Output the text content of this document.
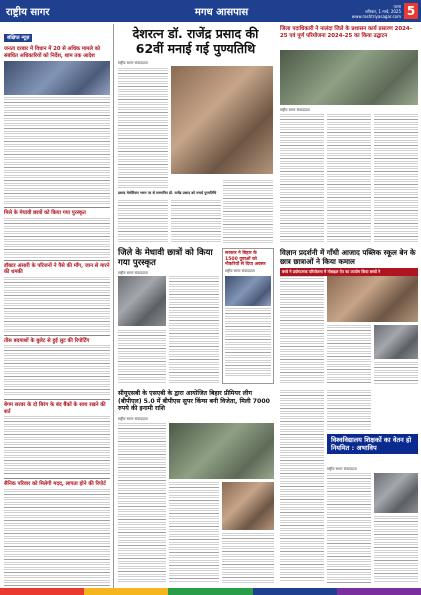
राष्ट्रीय सागर	मगध आसपास
पटना
शनिवार, 1 मार्च, 2025
www.rashtriyasagar.com 5
संक्षिप्त न्यूज़
जनता दरबार में विधान में 20 से अधिक मामले को संबंधित अधिकारियों को निर्देश, शाम तक आदेश
मिले के मेघावी छात्रों को किया गया पुरस्कृत
डॉक्टर अंसारी के परिजनों ने पैसे की माँग, जान से मारने की धमकी
तीस बदमाशों के बुलेट से हुई लुट की रिपोर्टिंग
बेगम सरवर के दो बिरंग के बंद बैंकों के साथ रखने की शर्त
सैनिक परिवार को मिलेगी मदद, लापता होने की रिपोर्ट
देशरत्न डॉ. राजेंद्र प्रसाद की 62वीं मनाई गई पुण्यतिथि
राष्ट्रीय सागर संवाददाता
प्रसाद मेमोरियल भवन पर से सम्मानित डॉ. राजेंद्र प्रसाद को मनाई पुण्यतिथि
जिला पदाधिकारी ने नालंदा जिले के प्रशासन कार्य प्रसारण 2024-25 एवं पूर्ण परियोजना 2024-25 का किया उद्घाटन
राष्ट्रीय सागर संवाददाता
जिले के मेधावी छात्रों को किया गया पुरस्कृत
राष्ट्रीय सागर संवाददाता
सरकार ने बिहार के 1500 युवाओं को नौकरियों से दिया अवसर
राष्ट्रीय सागर संवाददाता
विज्ञान प्रदर्शनी में गाँधी आजाद पब्लिक स्कूल बेन के छात्र छात्राओं ने किया कमाल
बच्चे ने प्रयोगात्मक परियोजना में मोबाइल ऐप का उपयोग किया बच्चों ने
सीयूएसबी के एसएबी के द्वारा आयोजित बिहार प्रीमियर लीग (बीपीएल) 5.0 में बीपीएस सुपर किंग्स बनी विजेता, मिली 7000 रुपये की इनामी राशि
राष्ट्रीय सागर संवाददाता
विश्वविद्यालय शिक्षकों का वेतन हो नियमित : अभाविप
राष्ट्रीय सागर संवाददाता
